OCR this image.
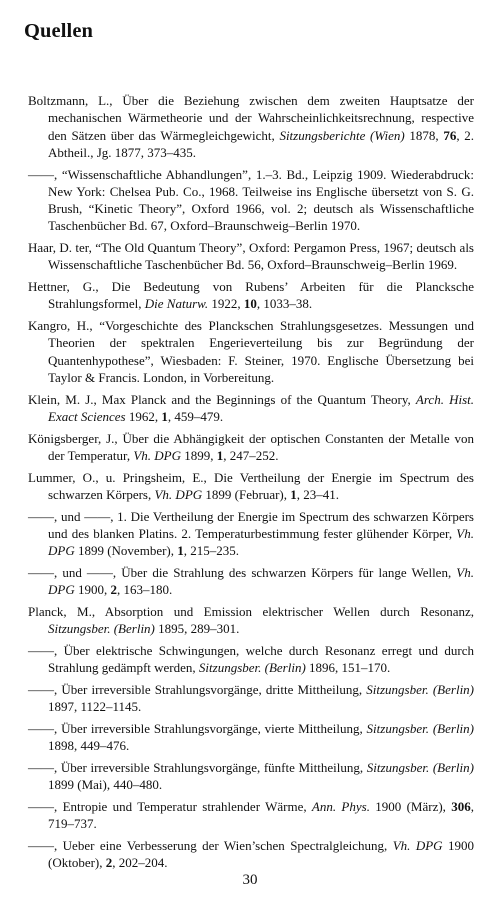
Quellen
Boltzmann, L., Über die Beziehung zwischen dem zweiten Hauptsatze der mechanischen Wärmetheorie und der Wahrscheinlichkeitsrechnung, respective den Sätzen über das Wärmegleichgewicht, Sitzungsberichte (Wien) 1878, 76, 2. Abtheil., Jg. 1877, 373–435.
——, “Wissenschaftliche Abhandlungen”, 1.–3. Bd., Leipzig 1909. Wiederabdruck: New York: Chelsea Pub. Co., 1968. Teilweise ins Englische übersetzt von S. G. Brush, “Kinetic Theory”, Oxford 1966, vol. 2; deutsch als Wissenschaftliche Taschenbücher Bd. 67, Oxford–Braunschweig–Berlin 1970.
Haar, D. ter, “The Old Quantum Theory”, Oxford: Pergamon Press, 1967; deutsch als Wissenschaftliche Taschenbücher Bd. 56, Oxford–Braunschweig–Berlin 1969.
Hettner, G., Die Bedeutung von Rubens’ Arbeiten für die Plancksche Strahlungsformel, Die Naturw. 1922, 10, 1033–38.
Kangro, H., “Vorgeschichte des Planckschen Strahlungsgesetzes. Messungen und Theorien der spektralen Engerieverteilung bis zur Begründung der Quantenhypothese”, Wiesbaden: F. Steiner, 1970. Englische Übersetzung bei Taylor & Francis. London, in Vorbereitung.
Klein, M. J., Max Planck and the Beginnings of the Quantum Theory, Arch. Hist. Exact Sciences 1962, 1, 459–479.
Königsberger, J., Über die Abhängigkeit der optischen Constanten der Metalle von der Temperatur, Vh. DPG 1899, 1, 247–252.
Lummer, O., u. Pringsheim, E., Die Vertheilung der Energie im Spectrum des schwarzen Körpers, Vh. DPG 1899 (Februar), 1, 23–41.
——, und ——, 1. Die Vertheilung der Energie im Spectrum des schwarzen Körpers und des blanken Platins. 2. Temperaturbestimmung fester glühender Körper, Vh. DPG 1899 (November), 1, 215–235.
——, und ——, Über die Strahlung des schwarzen Körpers für lange Wellen, Vh. DPG 1900, 2, 163–180.
Planck, M., Absorption und Emission elektrischer Wellen durch Resonanz, Sitzungsber. (Berlin) 1895, 289–301.
——, Über elektrische Schwingungen, welche durch Resonanz erregt und durch Strahlung gedämpft werden, Sitzungsber. (Berlin) 1896, 151–170.
——, Über irreversible Strahlungsvorgänge, dritte Mittheilung, Sitzungsber. (Berlin) 1897, 1122–1145.
——, Über irreversible Strahlungsvorgänge, vierte Mittheilung, Sitzungsber. (Berlin) 1898, 449–476.
——, Über irreversible Strahlungsvorgänge, fünfte Mittheilung, Sitzungsber. (Berlin) 1899 (Mai), 440–480.
——, Entropie und Temperatur strahlender Wärme, Ann. Phys. 1900 (März), 306, 719–737.
——, Ueber eine Verbesserung der Wien’schen Spectralgleichung, Vh. DPG 1900 (Oktober), 2, 202–204.
30
